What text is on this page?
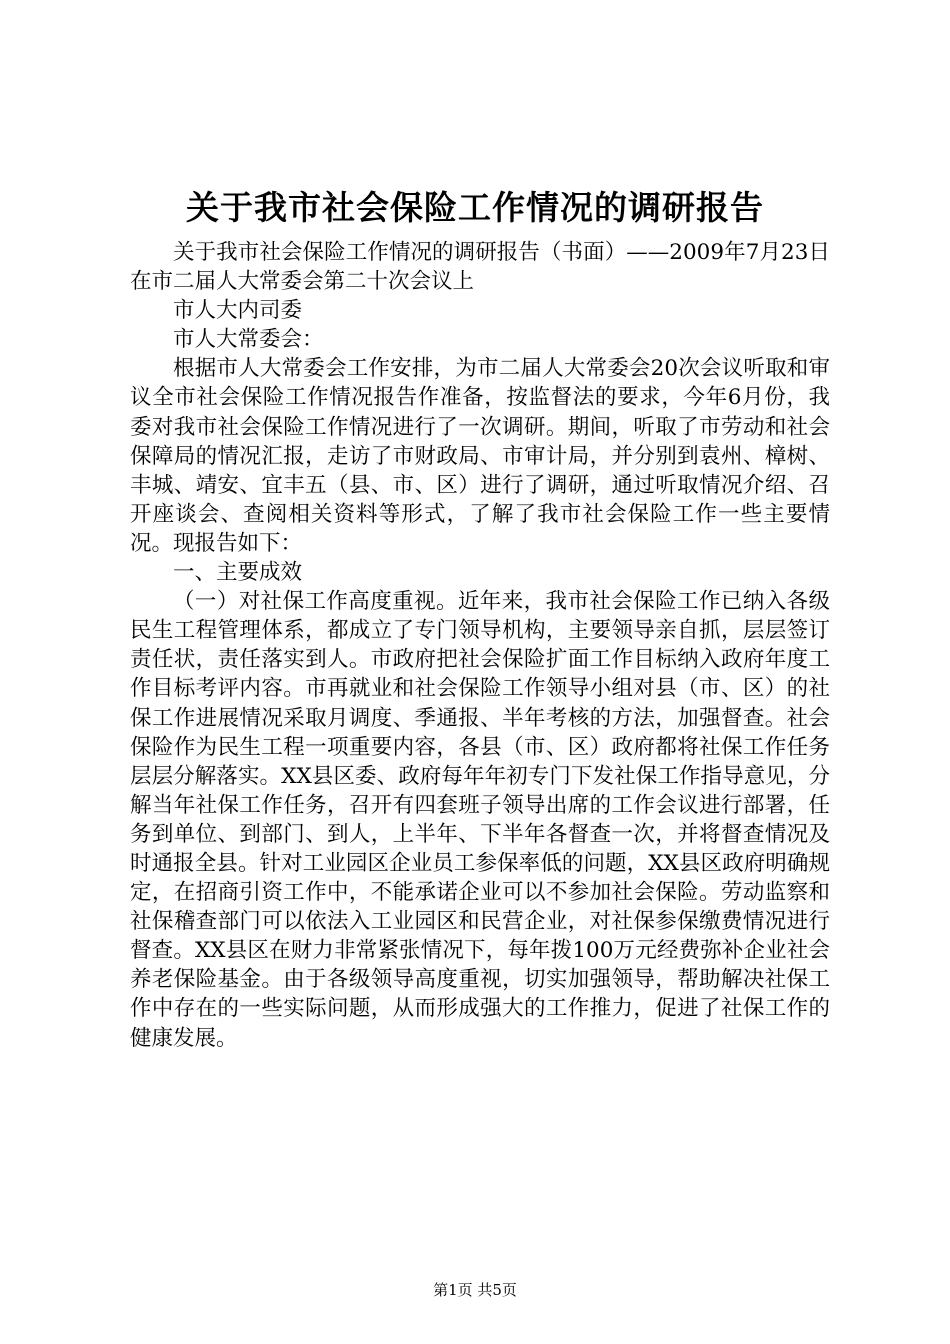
关于我市社会保险工作情况的调研报告

关于我市社会保险工作情况的调研报告（书面）——2009年7月23日在市二届人大常委会第二十次会议上

市人大内司委

市人大常委会：

根据市人大常委会工作安排，为市二届人大常委会20次会议听取和审议全市社会保险工作情况报告作准备，按监督法的要求，今年6月份，我委对我市社会保险工作情况进行了一次调研。期间，听取了市劳动和社会保障局的情况汇报，走访了市财政局、市审计局，并分别到袁州、樟树、丰城、靖安、宜丰五（县、市、区）进行了调研，通过听取情况介绍、召开座谈会、查阅相关资料等形式，了解了我市社会保险工作一些主要情况。现报告如下：

一、主要成效

（一）对社保工作高度重视。近年来，我市社会保险工作已纳入各级民生工程管理体系，都成立了专门领导机构，主要领导亲自抓，层层签订责任状，责任落实到人。市政府把社会保险扩面工作目标纳入政府年度工作目标考评内容。市再就业和社会保险工作领导小组对县（市、区）的社保工作进展情况采取月调度、季通报、半年考核的方法，加强督查。社会保险作为民生工程一项重要内容，各县（市、区）政府都将社保工作任务层层分解落实。XX县区委、政府每年年初专门下发社保工作指导意见，分解当年社保工作任务，召开有四套班子领导出席的工作会议进行部署，任务到单位、到部门、到人，上半年、下半年各督查一次，并将督查情况及时通报全县。针对工业园区企业员工参保率低的问题，XX县区政府明确规定，在招商引资工作中，不能承诺企业可以不参加社会保险。劳动监察和社保稽查部门可以依法入工业园区和民营企业，对社保参保缴费情况进行督查。XX县区在财力非常紧张情况下，每年拨100万元经费弥补企业社会养老保险基金。由于各级领导高度重视，切实加强领导，帮助解决社保工作中存在的一些实际问题，从而形成强大的工作推力，促进了社保工作的健康发展。

第1页 共5页
